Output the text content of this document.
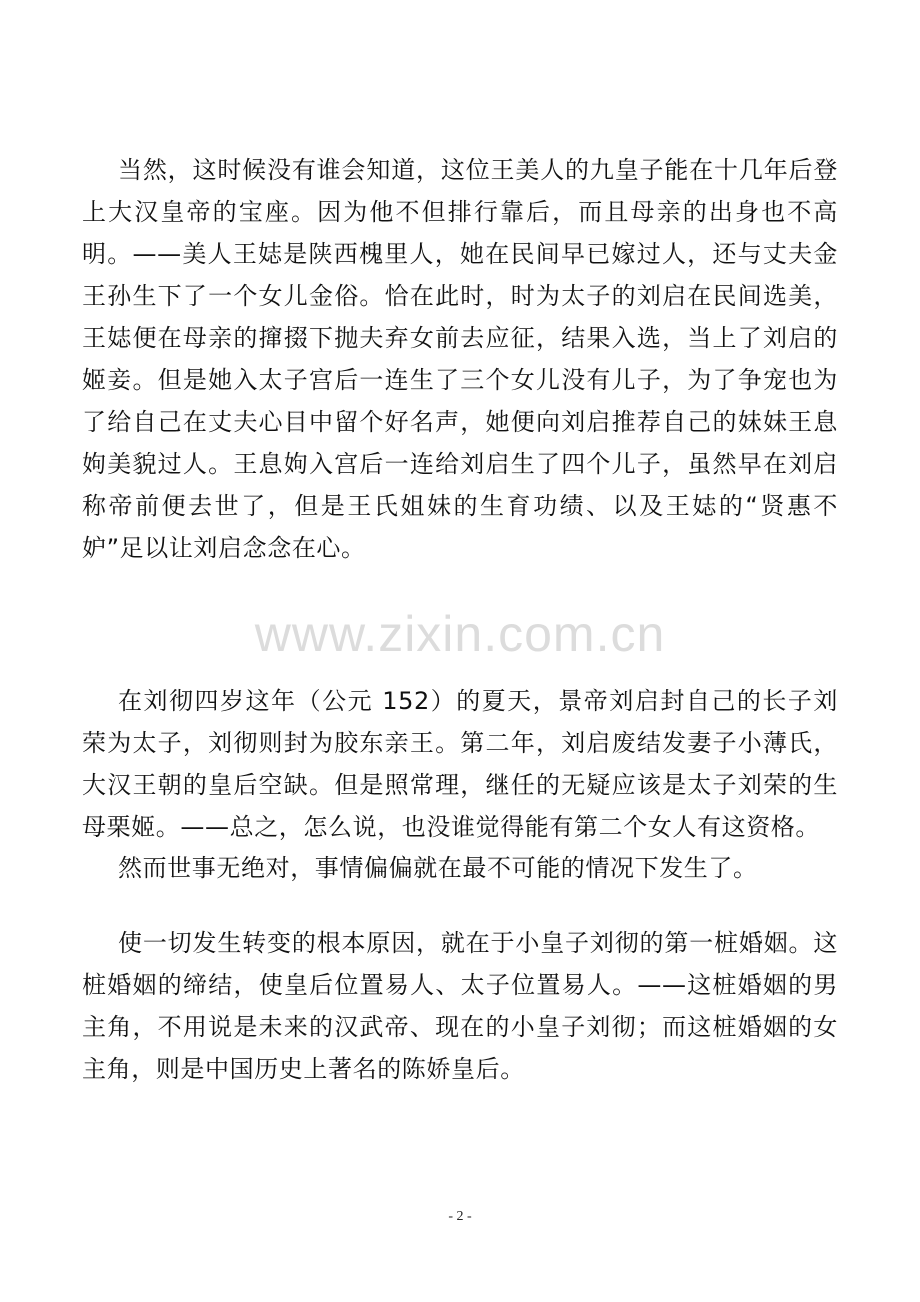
当然，这时候没有谁会知道，这位王美人的九皇子能在十几年后登上大汉皇帝的宝座。因为他不但排行靠后，而且母亲的出身也不高明。——美人王娡是陕西槐里人，她在民间早已嫁过人，还与丈夫金王孙生下了一个女儿金俗。恰在此时，时为太子的刘启在民间选美，王娡便在母亲的撺掇下抛夫弃女前去应征，结果入选，当上了刘启的姬妾。但是她入太子宫后一连生了三个女儿没有儿子，为了争宠也为了给自己在丈夫心目中留个好名声，她便向刘启推荐自己的妹妹王息姁美貌过人。王息姁入宫后一连给刘启生了四个儿子，虽然早在刘启称帝前便去世了，但是王氏姐妹的生育功绩、以及王娡的“贤惠不妒”足以让刘启念念在心。

www.zixin.com.cn

在刘彻四岁这年（公元 152）的夏天，景帝刘启封自己的长子刘荣为太子，刘彻则封为胶东亲王。第二年，刘启废结发妻子小薄氏，大汉王朝的皇后空缺。但是照常理，继任的无疑应该是太子刘荣的生母栗姬。——总之，怎么说，也没谁觉得能有第二个女人有这资格。

然而世事无绝对，事情偏偏就在最不可能的情况下发生了。

使一切发生转变的根本原因，就在于小皇子刘彻的第一桩婚姻。这桩婚姻的缔结，使皇后位置易人、太子位置易人。——这桩婚姻的男主角，不用说是未来的汉武帝、现在的小皇子刘彻；而这桩婚姻的女主角，则是中国历史上著名的陈娇皇后。

- 2 -
